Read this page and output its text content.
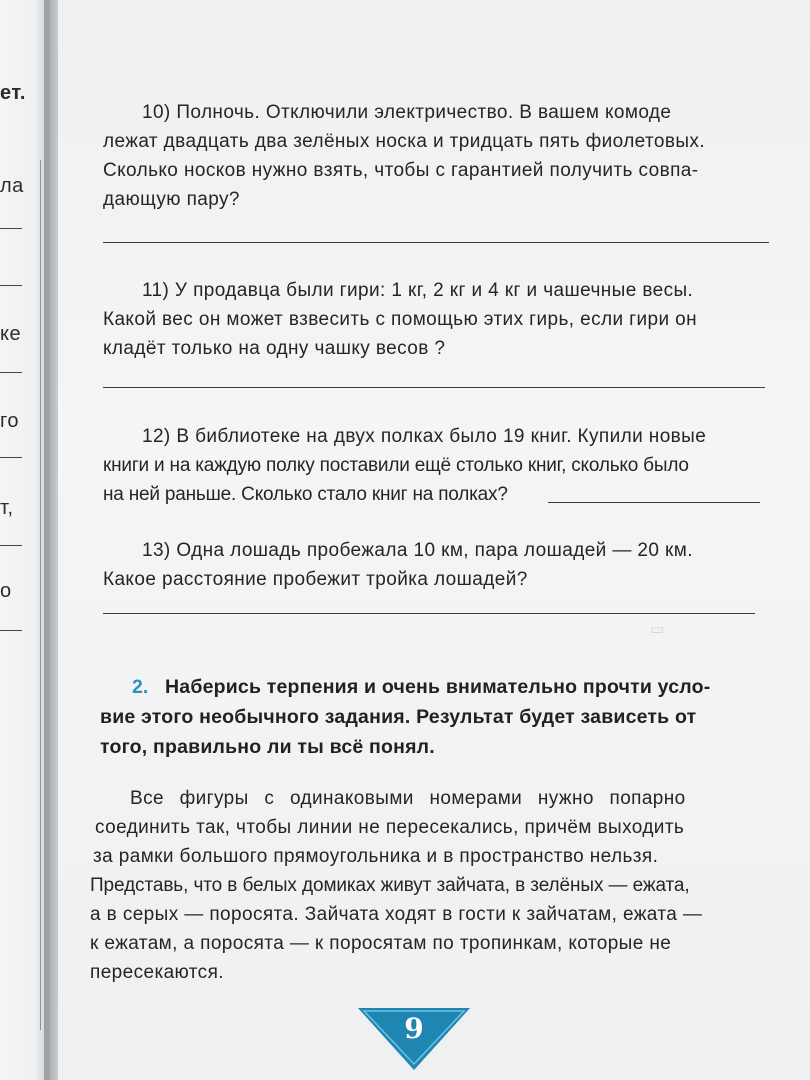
ет.
ла
ке
го
т,
о
▭
10) Полночь. Отключили электричество. В вашем комоде
лежат двадцать два зелёных носка и тридцать пять фиолетовых.
Сколько носков нужно взять, чтобы с гарантией получить совпа-
дающую пару?
11) У продавца были гири: 1 кг, 2 кг и 4 кг и чашечные весы.
Какой вес он может взвесить с помощью этих гирь, если гири он
кладёт только на одну чашку весов ?
12) В библиотеке на двух полках было 19 книг. Купили новые
книги и на каждую полку поставили ещё столько книг, сколько было
на ней раньше. Сколько стало книг на полках?
13) Одна лошадь пробежала 10 км, пара лошадей — 20 км.
Какое расстояние пробежит тройка лошадей?
2. Наберись терпения и очень внимательно прочти усло-
вие этого необычного задания. Результат будет зависеть от
того, правильно ли ты всё понял.
Все фигуры с одинаковыми номерами нужно попарно
соединить так, чтобы линии не пересекались, причём выходить
за рамки большого прямоугольника и в пространство нельзя.
Представь, что в белых домиках живут зайчата, в зелёных — ежата,
а в серых — поросята. Зайчата ходят в гости к зайчатам, ежата —
к ежатам, а поросята — к поросятам по тропинкам, которые не
пересекаются.
9
